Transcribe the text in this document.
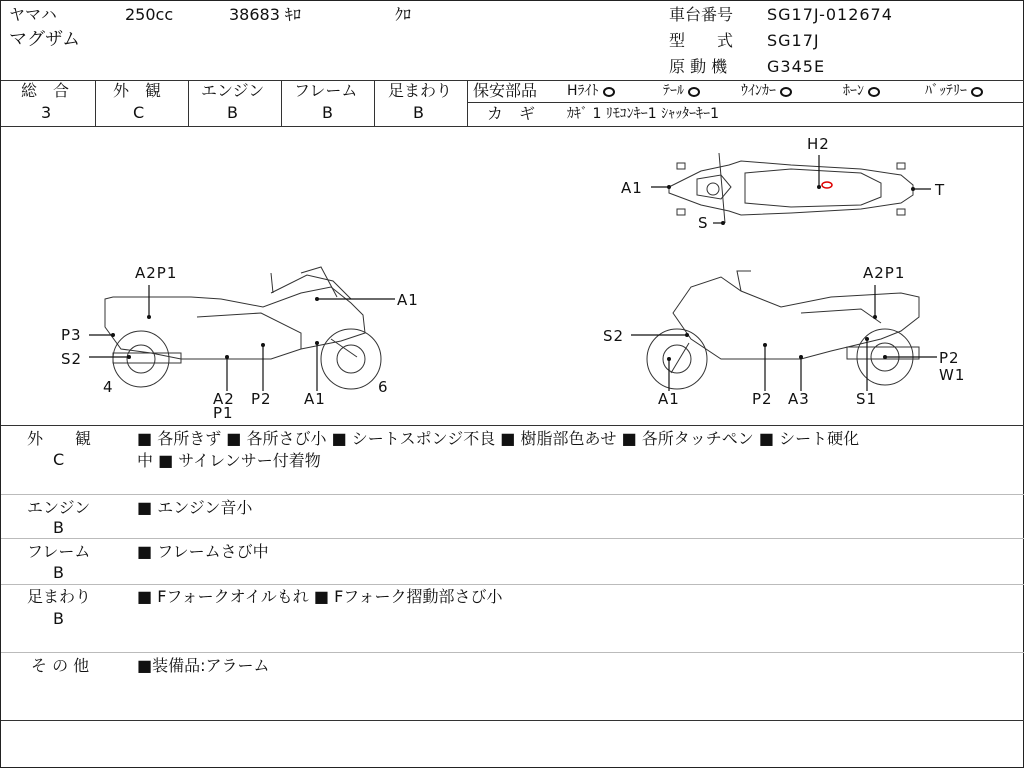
ヤマハ	250cc	38683 ｷﾛ	ｸﾛ
マグザム
車台番号 SG17J-012674
型　　式 SG17J
原 動 機 G345E
総　合
3
外　観
C
エンジン
B
フレーム
B
足まわり
B
保安部品 Hﾗｲﾄ	ﾃｰﾙ	ｳｲﾝｶｰ	ﾎｰﾝ	ﾊﾞｯﾃﾘｰ
カ　ギ ｶｷﾞ 1 ﾘﾓｺﾝｷｰ1 ｼｬｯﾀｰｷｰ1
H2
A1	T
S
A2P1
A1
P3
S2
4	6
A2
P1
P2 A1
A2P1
S2
P2
W1
A1	P2 A3	S1
外　　観
C
■ 各所きず ■ 各所さび小 ■ シートスポンジ不良 ■ 樹脂部色あせ ■ 各所タッチペン ■ シート硬化
中 ■ サイレンサー付着物
エンジン
B
■ エンジン音小
フレーム
B
■ フレームさび中
足まわり
B
■ Fフォークオイルもれ ■ Fフォーク摺動部さび小
そ の 他	■装備品:アラーム
